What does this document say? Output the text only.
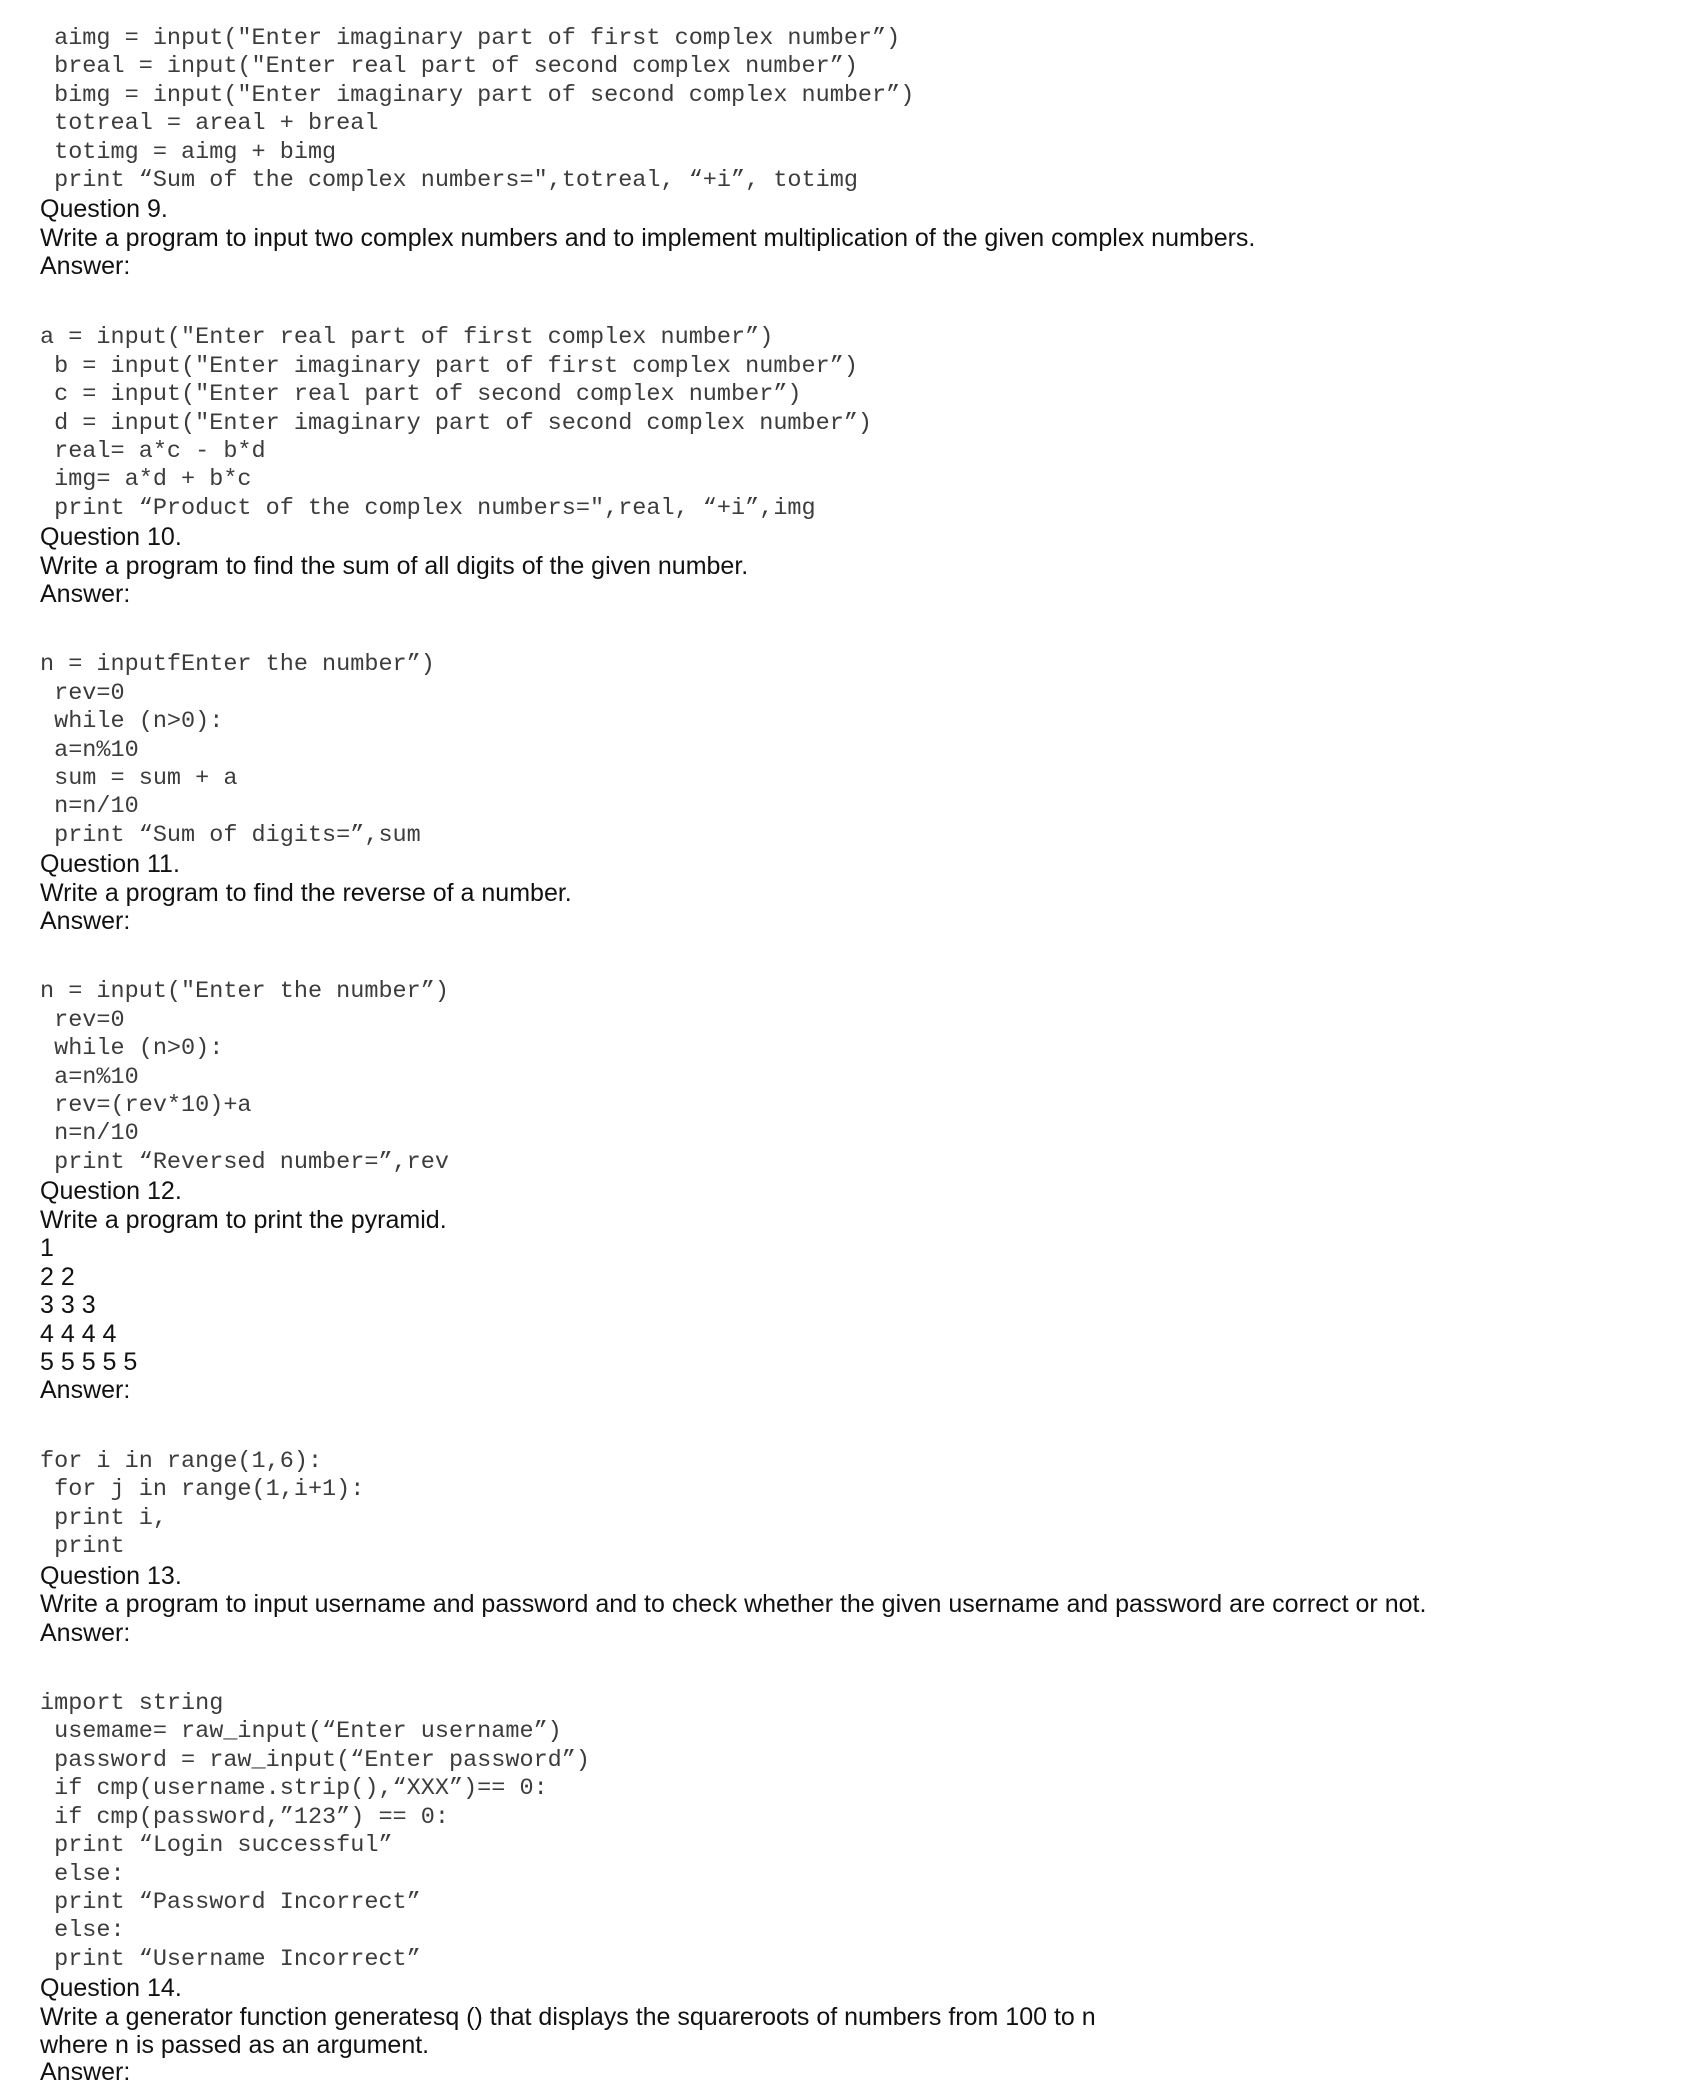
aimg = input("Enter imaginary part of first complex number”)
breal = input("Enter real part of second complex number”)
bimg = input("Enter imaginary part of second complex number”)
totreal = areal + breal
totimg = aimg + bimg
print “Sum of the complex numbers=",totreal, “+i”, totimg
Question 9.
Write a program to input two complex numbers and to implement multiplication of the given complex numbers.
Answer:
a = input("Enter real part of first complex number”)
b = input("Enter imaginary part of first complex number”)
c = input("Enter real part of second complex number”)
d = input("Enter imaginary part of second complex number”)
real= a*c - b*d
img= a*d + b*c
print “Product of the complex numbers=",real, “+i”,img
Question 10.
Write a program to find the sum of all digits of the given number.
Answer:
n = inputfEnter the number”)
rev=0
while (n>0):
a=n%10
sum = sum + a
n=n/10
print “Sum of digits=”,sum
Question 11.
Write a program to find the reverse of a number.
Answer:
n = input("Enter the number”)
rev=0
while (n>0):
a=n%10
rev=(rev*10)+a
n=n/10
print “Reversed number=”,rev
Question 12.
Write a program to print the pyramid.
1
2 2
3 3 3
4 4 4 4
5 5 5 5 5
Answer:
for i in range(1,6):
for j in range(1,i+1):
print i,
print
Question 13.
Write a program to input username and password and to check whether the given username and password are correct or not.
Answer:
import string
usemame= raw_input(“Enter username”)
password = raw_input(“Enter password”)
if cmp(username.strip(),“XXX”)== 0:
if cmp(password,”123”) == 0:
print “Login successful”
else:
print “Password Incorrect”
else:
print “Username Incorrect”
Question 14.
Write a generator function generatesq () that displays the squareroots of numbers from 100 to n
where n is passed as an argument.
Answer:
